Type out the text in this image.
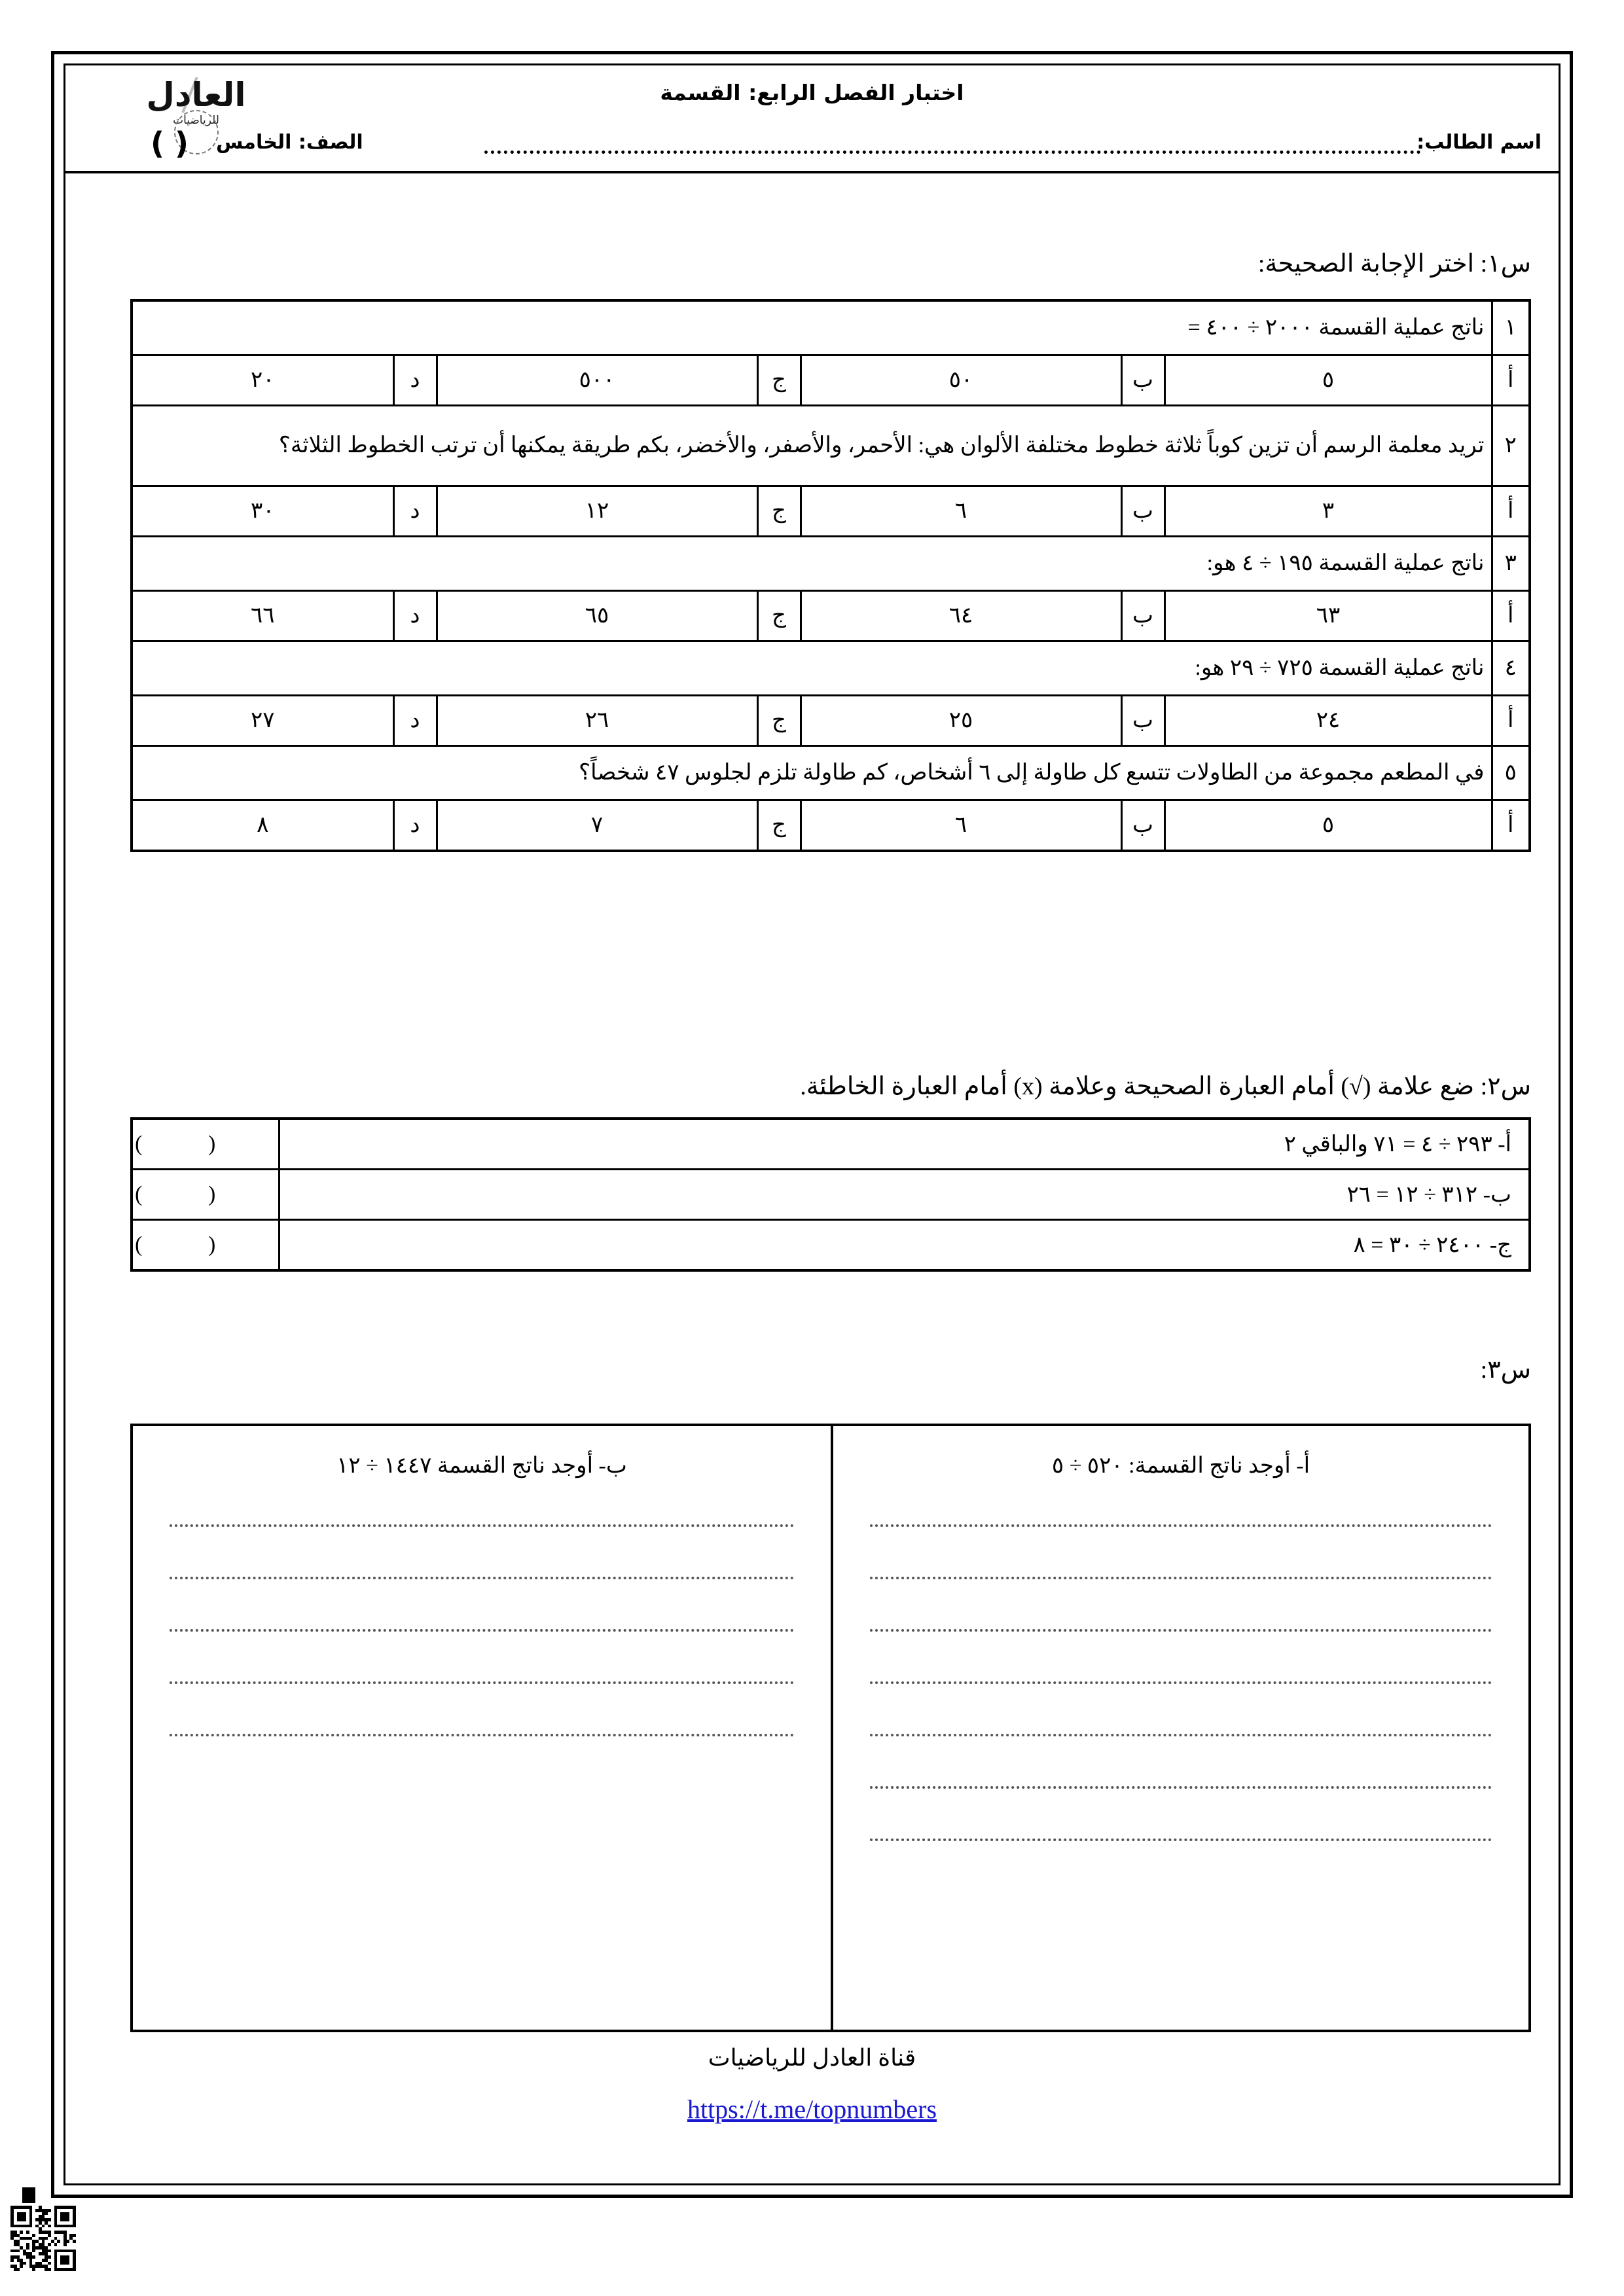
اختبار الفصل الرابع: القسمة
العادل
للرياضيات
اسم الطالب:
الصف: الخامس
( )
س١: اختر الإجابة الصحيحة:
١	ناتج عملية القسمة ٢٠٠٠ ÷ ٤٠٠ =						
أ	٥	ب	٥٠	ج	٥٠٠	د	٢٠
٢	تريد معلمة الرسم أن تزين كوباً ثلاثة خطوط مختلفة الألوان هي: الأحمر، والأصفر، والأخضر، بكم طريقة يمكنها أن ترتب الخطوط الثلاثة؟						
أ	٣	ب	٦	ج	١٢	د	٣٠
٣	ناتج عملية القسمة ١٩٥ ÷ ٤ هو:						
أ	٦٣	ب	٦٤	ج	٦٥	د	٦٦
٤	ناتج عملية القسمة ٧٢٥ ÷ ٢٩ هو:						
أ	٢٤	ب	٢٥	ج	٢٦	د	٢٧
٥	في المطعم مجموعة من الطاولات تتسع كل طاولة إلى ٦ أشخاص، كم طاولة تلزم لجلوس ٤٧ شخصاً؟						
أ	٥	ب	٦	ج	٧	د	٨
س٢: ضع علامة (√) أمام العبارة الصحيحة وعلامة (x) أمام العبارة الخاطئة.
أ- ٢٩٣ ÷ ٤ = ٧١ والباقي ٢	( )
ب- ٣١٢ ÷ ١٢ = ٢٦	( )
ج- ٢٤٠٠ ÷ ٣٠ = ٨	( )
س٣:
أ- أوجد ناتج القسمة: ٥٢٠ ÷ ٥
ب- أوجد ناتج القسمة ١٤٤٧ ÷ ١٢
قناة العادل للرياضيات
https://t.me/topnumbers
